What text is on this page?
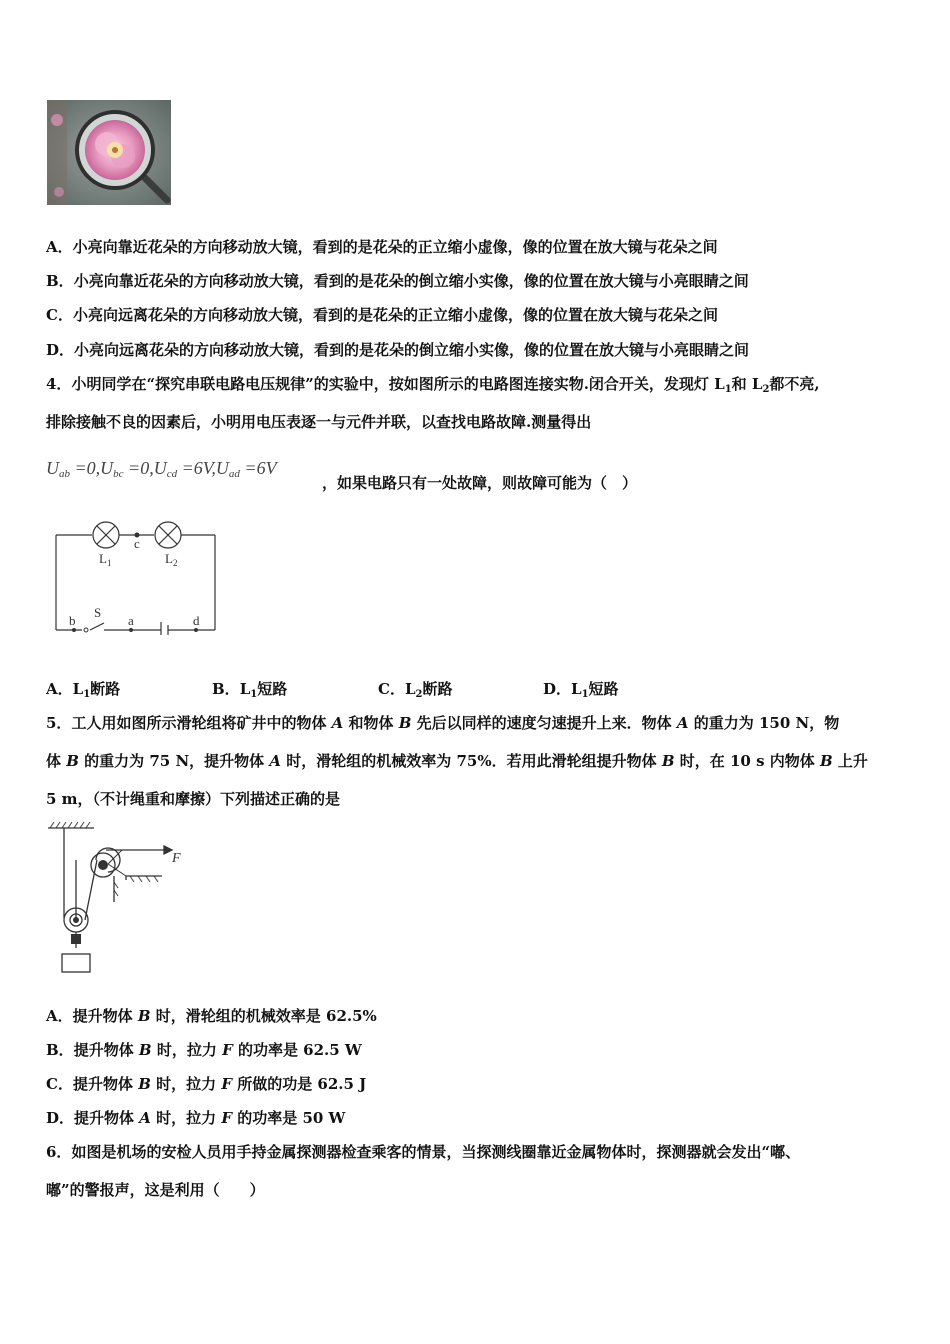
A．小亮向靠近花朵的方向移动放大镜，看到的是花朵的正立缩小虚像，像的位置在放大镜与花朵之间
B．小亮向靠近花朵的方向移动放大镜，看到的是花朵的倒立缩小实像，像的位置在放大镜与小亮眼睛之间
C．小亮向远离花朵的方向移动放大镜，看到的是花朵的正立缩小虚像，像的位置在放大镜与花朵之间
D．小亮向远离花朵的方向移动放大镜，看到的是花朵的倒立缩小实像，像的位置在放大镜与小亮眼睛之间
4．小明同学在“探究串联电路电压规律”的实验中，按如图所示的电路图连接实物.闭合开关，发现灯 $L_1$和 $L_2$都不亮,
排除接触不良的因素后，小明用电压表逐一与元件并联，以查找电路故障.测量得出
$U_{ab} =0,U_{bc} =0,U_{cd} =6V,U_{ad} =6V$
，如果电路只有一处故障，则故障可能为（　）
$L_1$
c
$L_2$
b
S
a	d
A．$L_1$断路	B．$L_1$短路	C．$L_2$断路	D．$L_1$短路
5．工人用如图所示滑轮组将矿井中的物体 A 和物体 B 先后以同样的速度匀速提升上来．物体 A 的重力为 150 N，物
体 B 的重力为 75 N，提升物体 A 时，滑轮组的机械效率为 75%．若用此滑轮组提升物体 B 时，在 10 s 内物体 B 上升
5 m，（不计绳重和摩擦）下列描述正确的是
F
A．提升物体 B 时，滑轮组的机械效率是 62.5%
B．提升物体 B 时，拉力 F 的功率是 62.5 W
C．提升物体 B 时，拉力 F 所做的功是 62.5 J
D．提升物体 A 时，拉力 F 的功率是 50 W
6．如图是机场的安检人员用手持金属探测器检查乘客的情景，当探测线圈靠近金属物体时，探测器就会发出“嘟、
嘟”的警报声，这是利用（　　）
